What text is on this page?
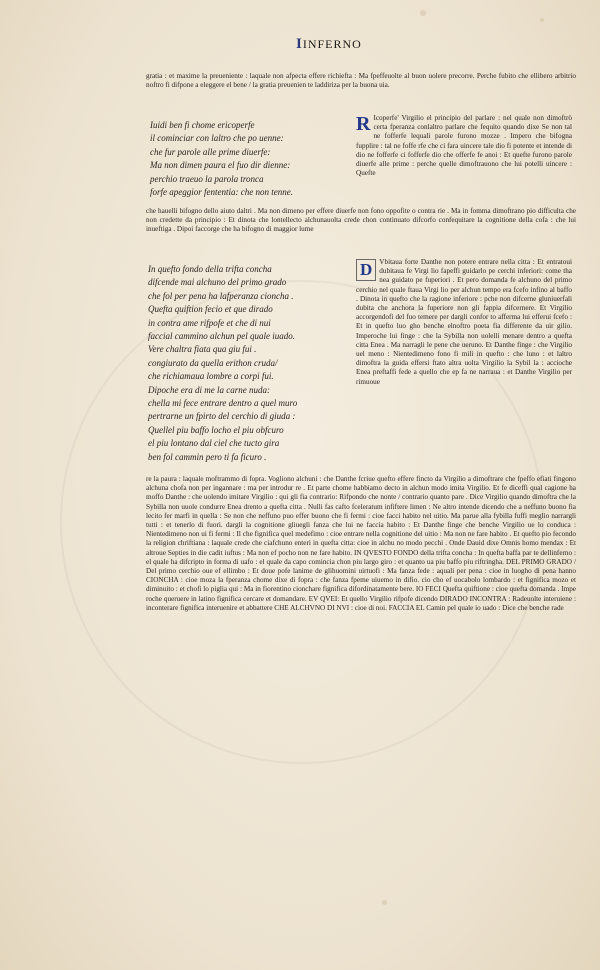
IINFERNO

gratia : et maxime la preueniente : laquale non afpecta effere richiefta : Ma fpeffeuolte al buon uolere precorre. Perche fubito che ellibero arbitrio noftro fi difpone a eleggere el bene / la gratia preuenien te laddiriza per la buona uia.

Iuidi ben fi chome ericoperfe
il cominciar con laltro che po uenne:
che fur parole alle prime diuerfe:
Ma non dimen paura el fuo dir dienne:
perchio traeuo la parola tronca
forfe apeggior fententia: che non tenne.
R Icoperfe' Virgilio el principio del parlare : nel quale non dimoftrò certa fperanza conlaltro parlare che fequito quando dixe Se non tal ne fofferfe lequali parole furono mozze . Impero che bifogna fupplire : tal ne foffe rfe che ci fara uincere tale dio fi potente et intende di dio ne fofferfe ci fofferfe dio che offerfe fe anoi : Et quefte furono parole diuerfe alle prime : perche quelle dimoftrauono che lui potelli uincere : Quefte

che hauelli bifogno dello aiuto daltri . Ma non dimeno per effere diuerfe non fono oppofite o contra rie . Ma in fomma dimoftrano pio difficulta che non credette da principio : Et dinota che lontellecto alchunauolta crede chon continuato difcorfo confequitare la cognitione della cofa : che lui inueftiga . Dipoi faccorge che ha bifogno di maggior lume

In quefto fondo della trifta concha
difcende mai alchuno del primo grado
che fol per pena ha lafperanza cioncha .
Quefta quiftion fecio et que dirado
in contra ame rifpofe et che di nui
faccial cammino alchun pel quale iuado.
Vere chaltra fiata qua giu fui .
congiurato da quella erithon cruda/
che richiamaua lombre a corpi fui.
Dipoche era di me la carne nuda:
chella mi fece entrare dentro a quel muro
pertrarne un fpirto del cerchio di giuda :
Quellel piu baffo locho el piu obfcuro
el piu lontano dal ciel che tucto gira
ben fol cammin pero ti fa ficuro .
D Vbitaua forte Danthe non potere entrare nella citta : Et entratoui dubitaua fe Virgi lio fapeffi guidarlo pe cerchi inferiori: come tha nea guidato pe fuperiori . Et pero domanda fe alchuno del primo cerchio nel quale ftaua Virgi lio per alchun tempo era fcefo infino al baffo . Dinota in quefto che la ragione inferiore : pche non difcerne gluniuerfali dubita che anchora la fuperiore non gli fappia difcernere. Et Virgilio accorgendofi del fuo temere per dargli confor to afferma lui efferui fcefo : Et in quefto luo gho benche elnoftro poeta fia differente da uir gilio. Imperoche lui finge : che la Sybilla non uolelli menare dentro a quefta citta Enea . Ma narragli le pene che ueruno. Et Danthe finge : che Virgilio uel meno : Nientedimeno fono fi mili in quefto : che luno : et laltro dimoftra la guida effersi ftato altra uolta Virgilio la Sybil la : accioche Enea preftaffi fede a quello che ep fa ne narraua : et Danthe Virgilio per rimuoue

re la paura : laquale moftrammo di fopra. Vogliono alchuni : che Danthe fcriue quefto effere fincto da Virgilio a dimoftrare che fpeffo efiati fingono alchuna chofa non per ingannare : ma per introdur re . Et parte chome habbiamo decto in alchun modo imita Virgilio. Et fe diceffi qual cagione ha moffo Danthe : che uolendo imitare Virgilio : qui gli fia contrario: Rifpondo che nonte / contrario quanto pare . Dice Virgilio quando dimoftra che la Sybilla non uuole condurre Enea drento a quefta citta . Nulli fas cafto fceleratum infiftere limen : Ne altro intende dicendo che a neffuno buono fia lecito fer marfi in quella : Se non che neffuno puo effer buono che fi fermi : cioe facci habito nel uitio. Ma parue alla fybilla fuffi meglio narrargli tutti : et tenerlo di fuori. dargli la cognitione gliuegli fanza che lui ne faccia habito : Et Danthe finge che benche Virgilio ue lo conduca : Nientedimeno non ui fi fermi : Il che fignifica quel medefimo : cioe entrare nella cognitione del uitio : Ma non ne fare habito . Et quefto pio fecondo la religion chriftiana : laquale crede che ciafchuno enteri in quefta citta: cioe in alchu no modo pecchi . Onde Dauid dixe Omnis homo mendax : Et altroue Septies in die cadit iuftus : Ma non ef pocho non ne fare habito. IN QVESTO FONDO della trifta concha : In quefta baffa par te dellinferno : el quale ha difcripto in forma di uafo : el quale da capo comincia chon piu largo giro : et quanto ua piu baffo piu riftringha. DEL PRIMO GRADO / Del primo cerchio oue ef ellimbo : Et doue pofe lanime de glihuomini uirtuofi : Ma fanza fede : aquali per pena : cioe in luogho di pena hanno CIONCHA : cioe moza la fperanza chome dixe di fopra : che fanza fpeme uiuemo in difio. cio cho ef uocabolo lombardo : et fignifica mozo et diminuito : et chofi lo piglia qui : Ma in fiorentino cionchare fignifica difordinatamente bere. IO FECI Quefta quiftione : cioe quefta domanda . Impe roche queruere in latino fignifica cercare et domandare. EV QVEI: Et quello Virgilio rifpofe dicendo DIRADO INCONTRA : Radeuolte interuiene : inconterare fignifica interuenire et abbattere CHE ALCHVNO DI NVI : cioe di noi. FACCIA EL Camin pel quale io uado : Dice che benche rade
